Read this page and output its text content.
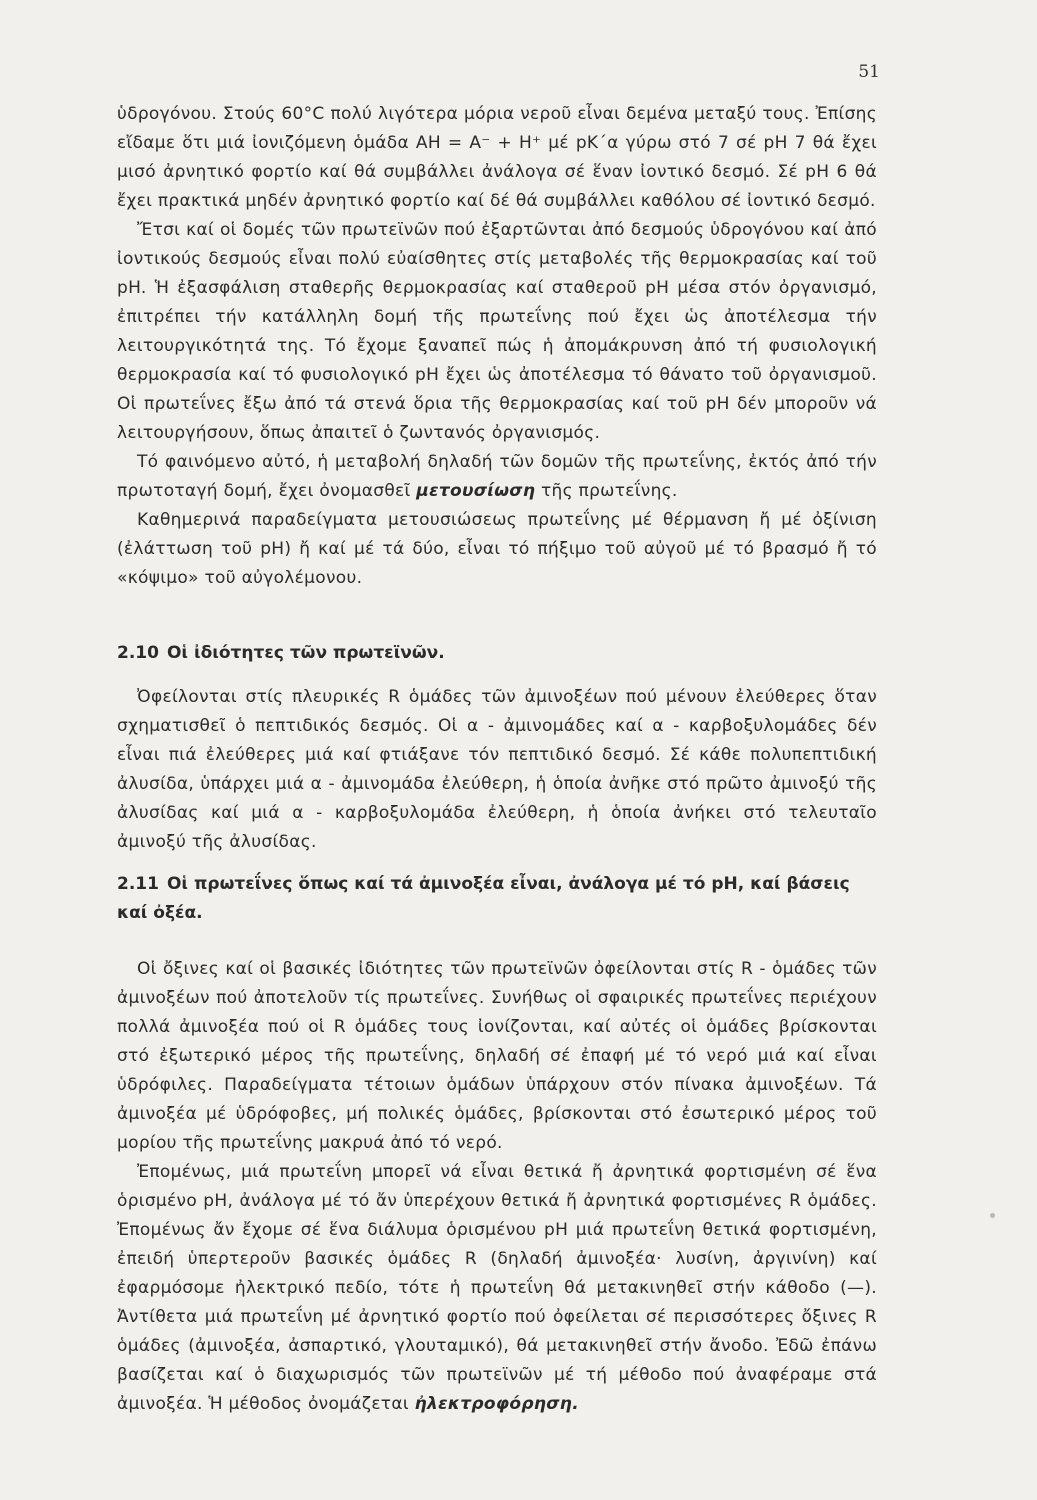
51

ὑδρογόνου. Στούς 60°C πολύ λιγότερα μόρια νεροῦ εἶναι δεμένα μεταξύ τους. Ἐπίσης εἴδαμε ὅτι μιά ἰονιζόμενη ὁμάδα AH = A⁻ + H⁺ μέ pK΄α γύρω στό 7 σέ pH 7 θά ἔχει μισό ἀρνητικό φορτίο καί θά συμβάλλει ἀνάλογα σέ ἕναν ἰοντικό δεσμό. Σέ pH 6 θά ἔχει πρακτικά μηδέν ἀρνητικό φορτίο καί δέ θά συμβάλλει καθόλου σέ ἰοντικό δεσμό.

Ἔτσι καί οἱ δομές τῶν πρωτεϊνῶν πού ἐξαρτῶνται ἀπό δεσμούς ὑδρογόνου καί ἀπό ἰοντικούς δεσμούς εἶναι πολύ εὐαίσθητες στίς μεταβολές τῆς θερμοκρασίας καί τοῦ pH. Ἡ ἐξασφάλιση σταθερῆς θερμοκρασίας καί σταθεροῦ pH μέσα στόν ὀργανισμό, ἐπιτρέπει τήν κατάλληλη δομή τῆς πρωτεΐνης πού ἔχει ὡς ἀποτέλεσμα τήν λειτουργικότητά της. Τό ἔχομε ξαναπεῖ πώς ἡ ἀπομάκρυνση ἀπό τή φυσιολογική θερμοκρασία καί τό φυσιολογικό pH ἔχει ὡς ἀποτέλεσμα τό θάνατο τοῦ ὀργανισμοῦ. Οἱ πρωτεΐνες ἔξω ἀπό τά στενά ὅρια τῆς θερμοκρασίας καί τοῦ pH δέν μποροῦν νά λειτουργήσουν, ὅπως ἀπαιτεῖ ὁ ζωντανός ὀργανισμός.

Τό φαινόμενο αὐτό, ἡ μεταβολή δηλαδή τῶν δομῶν τῆς πρωτεΐνης, ἐκτός ἀπό τήν πρωτοταγή δομή, ἔχει ὀνομασθεῖ μετουσίωση τῆς πρωτεΐνης.

Καθημερινά παραδείγματα μετουσιώσεως πρωτεΐνης μέ θέρμανση ἤ μέ ὀξίνιση (ἐλάττωση τοῦ pH) ἤ καί μέ τά δύο, εἶναι τό πήξιμο τοῦ αὐγοῦ μέ τό βρασμό ἤ τό «κόψιμο» τοῦ αὐγολέμονου.

2.10 Οἱ ἰδιότητες τῶν πρωτεϊνῶν.

Ὀφείλονται στίς πλευρικές R ὁμάδες τῶν ἀμινοξέων πού μένουν ἐλεύθερες ὅταν σχηματισθεῖ ὁ πεπτιδικός δεσμός. Οἱ α - ἀμινομάδες καί α - καρβοξυλομάδες δέν εἶναι πιά ἐλεύθερες μιά καί φτιάξανε τόν πεπτιδικό δεσμό. Σέ κάθε πολυπεπτιδική ἀλυσίδα, ὑπάρχει μιά α - ἀμινομάδα ἐλεύθερη, ἡ ὁποία ἀνῆκε στό πρῶτο ἀμινοξύ τῆς ἀλυσίδας καί μιά α - καρβοξυλομάδα ἐλεύθερη, ἡ ὁποία ἀνήκει στό τελευταῖο ἀμινοξύ τῆς ἀλυσίδας.

2.11 Οἱ πρωτεΐνες ὅπως καί τά ἀμινοξέα εἶναι, ἀνάλογα μέ τό pH, καί βάσεις καί ὀξέα.

Οἱ ὄξινες καί οἱ βασικές ἰδιότητες τῶν πρωτεϊνῶν ὀφείλονται στίς R - ὁμάδες τῶν ἀμινοξέων πού ἀποτελοῦν τίς πρωτεΐνες. Συνήθως οἱ σφαιρικές πρωτεΐνες περιέχουν πολλά ἀμινοξέα πού οἱ R ὁμάδες τους ἰονίζονται, καί αὐτές οἱ ὁμάδες βρίσκονται στό ἐξωτερικό μέρος τῆς πρωτεΐνης, δηλαδή σέ ἐπαφή μέ τό νερό μιά καί εἶναι ὑδρόφιλες. Παραδείγματα τέτοιων ὁμάδων ὑπάρχουν στόν πίνακα ἀμινοξέων. Τά ἀμινοξέα μέ ὑδρόφοβες, μή πολικές ὁμάδες, βρίσκονται στό ἐσωτερικό μέρος τοῦ μορίου τῆς πρωτεΐνης μακρυά ἀπό τό νερό.

Ἐπομένως, μιά πρωτεΐνη μπορεῖ νά εἶναι θετικά ἤ ἀρνητικά φορτισμένη σέ ἕνα ὁρισμένο pH, ἀνάλογα μέ τό ἄν ὑπερέχουν θετικά ἤ ἀρνητικά φορτισμένες R ὁμάδες. Ἐπομένως ἄν ἔχομε σέ ἕνα διάλυμα ὁρισμένου pH μιά πρωτεΐνη θετικά φορτισμένη, ἐπειδή ὑπερτεροῦν βασικές ὁμάδες R (δηλαδή ἀμινοξέα· λυσίνη, ἀργινίνη) καί ἐφαρμόσομε ἠλεκτρικό πεδίο, τότε ἡ πρωτεΐνη θά μετακινηθεῖ στήν κάθοδο (—). Ἀντίθετα μιά πρωτεΐνη μέ ἀρνητικό φορτίο πού ὀφείλεται σέ περισσότερες ὄξινες R ὁμάδες (ἀμινοξέα, ἀσπαρτικό, γλουταμικό), θά μετακινηθεῖ στήν ἄνοδο. Ἐδῶ ἐπάνω βασίζεται καί ὁ διαχωρισμός τῶν πρωτεϊνῶν μέ τή μέθοδο πού ἀναφέραμε στά ἀμινοξέα. Ἡ μέθοδος ὀνομάζεται ἠλεκτροφόρηση.
